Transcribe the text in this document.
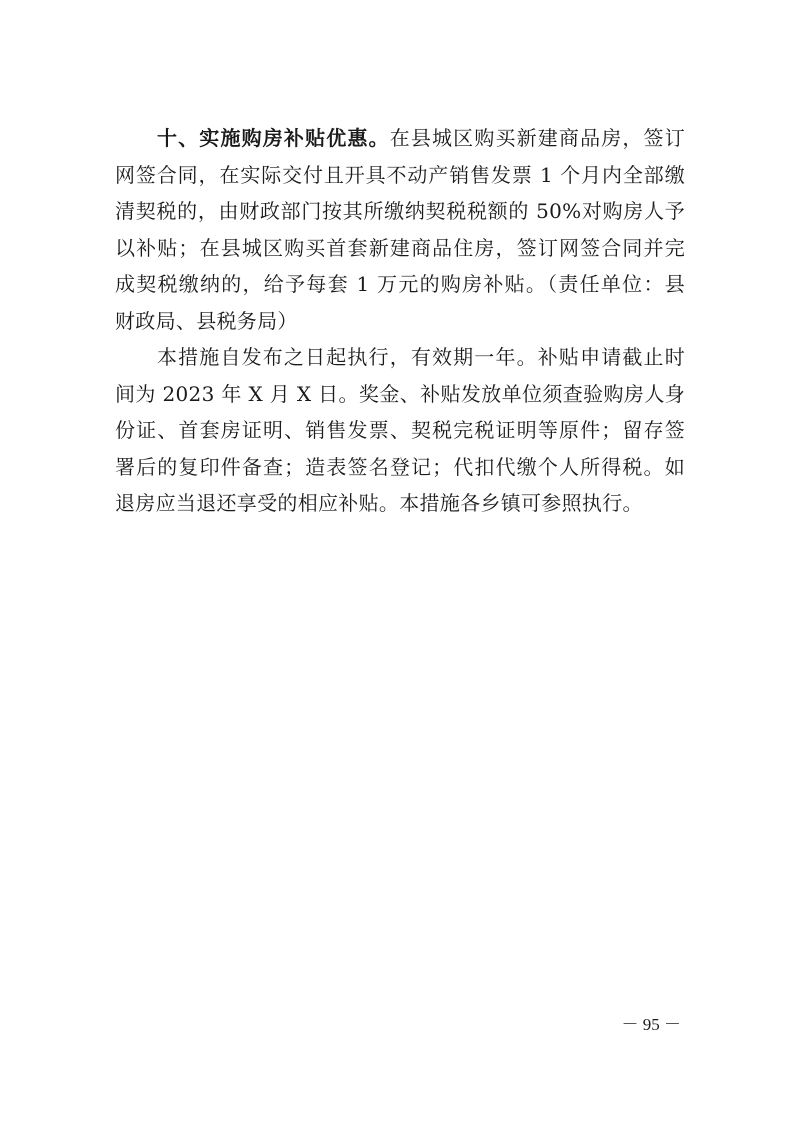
十、实施购房补贴优惠。在县城区购买新建商品房，签订
网签合同，在实际交付且开具不动产销售发票 1 个月内全部缴
清契税的，由财政部门按其所缴纳契税税额的 50%对购房人予
以补贴；在县城区购买首套新建商品住房，签订网签合同并完
成契税缴纳的，给予每套 1 万元的购房补贴。（责任单位：县
财政局、县税务局）
本措施自发布之日起执行，有效期一年。补贴申请截止时
间为 2023 年 X 月 X 日。奖金、补贴发放单位须查验购房人身
份证、首套房证明、销售发票、契税完税证明等原件；留存签
署后的复印件备查；造表签名登记；代扣代缴个人所得税。如
退房应当退还享受的相应补贴。本措施各乡镇可参照执行。
－ 95 －
